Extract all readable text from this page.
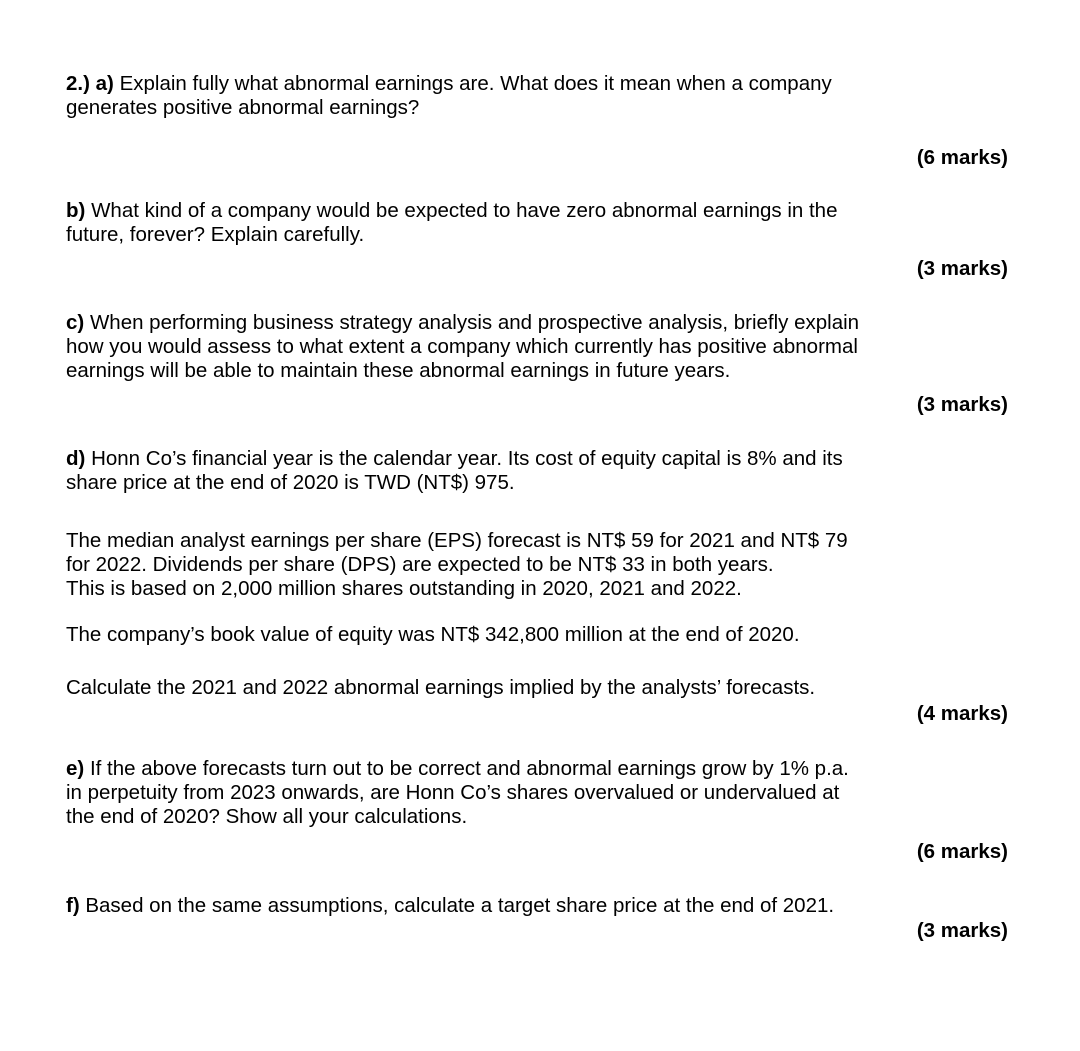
2.) a) Explain fully what abnormal earnings are. What does it mean when a company
generates positive abnormal earnings?

(6 marks)

b) What kind of a company would be expected to have zero abnormal earnings in the
future, forever? Explain carefully.

(3 marks)

c) When performing business strategy analysis and prospective analysis, briefly explain
how you would assess to what extent a company which currently has positive abnormal
earnings will be able to maintain these abnormal earnings in future years.

(3 marks)

d) Honn Co’s financial year is the calendar year. Its cost of equity capital is 8% and its
share price at the end of 2020 is TWD (NT$) 975.

The median analyst earnings per share (EPS) forecast is NT$ 59 for 2021 and NT$ 79
for 2022. Dividends per share (DPS) are expected to be NT$ 33 in both years.
This is based on 2,000 million shares outstanding in 2020, 2021 and 2022.

The company’s book value of equity was NT$ 342,800 million at the end of 2020.

Calculate the 2021 and 2022 abnormal earnings implied by the analysts’ forecasts.

(4 marks)

e) If the above forecasts turn out to be correct and abnormal earnings grow by 1% p.a.
in perpetuity from 2023 onwards, are Honn Co’s shares overvalued or undervalued at
the end of 2020? Show all your calculations.

(6 marks)

f) Based on the same assumptions, calculate a target share price at the end of 2021.

(3 marks)
